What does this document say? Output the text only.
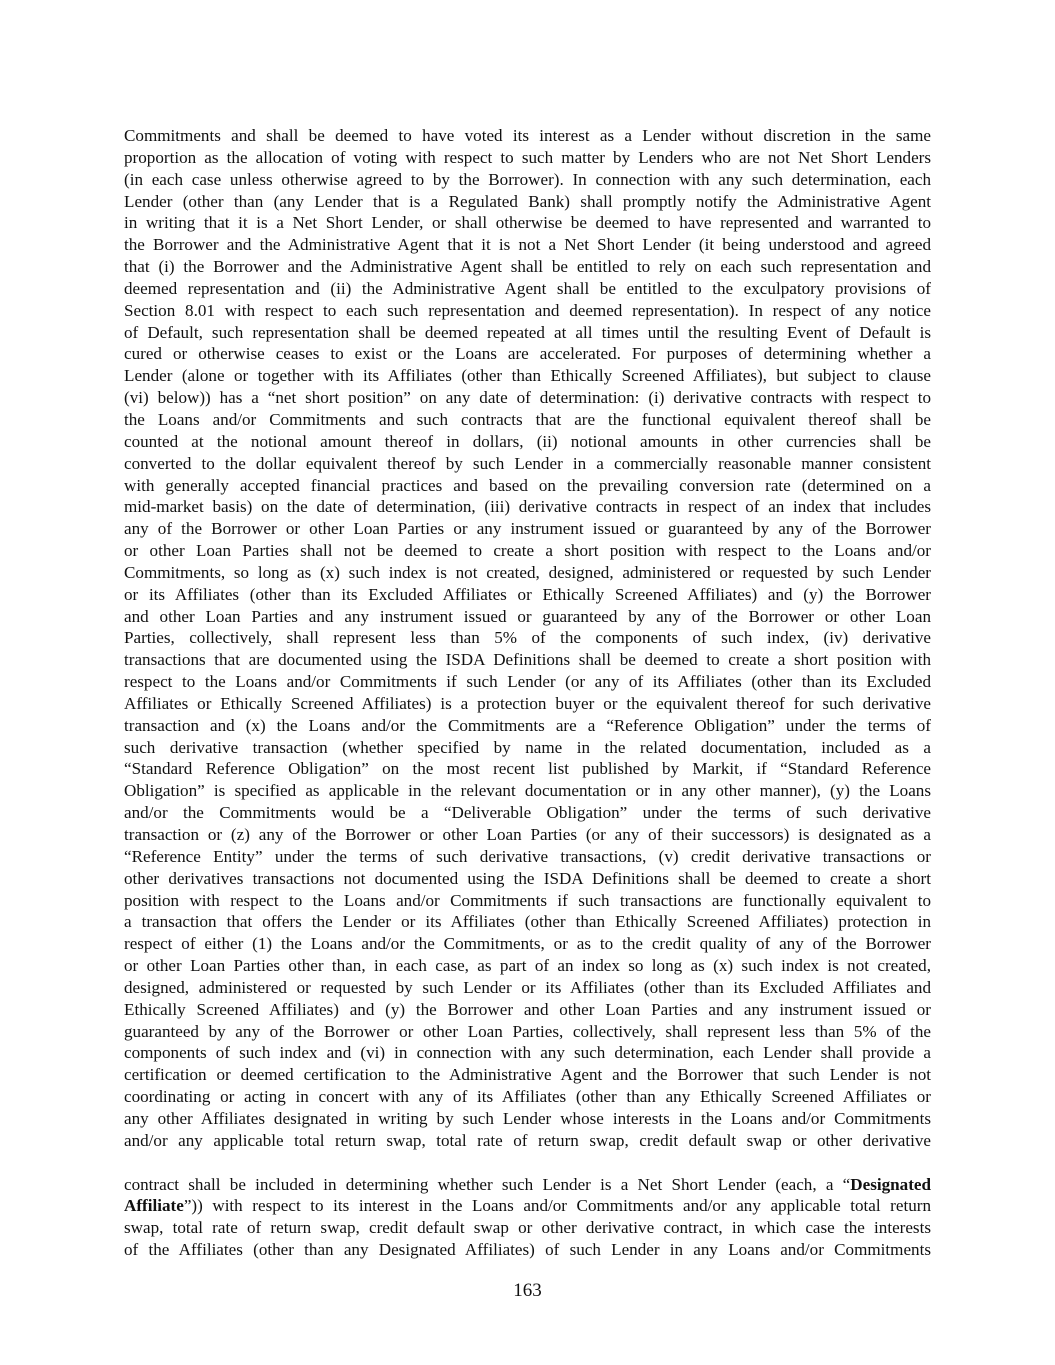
Commitments and shall be deemed to have voted its interest as a Lender without discretion in the same
proportion as the allocation of voting with respect to such matter by Lenders who are not Net Short Lenders
(in each case unless otherwise agreed to by the Borrower). In connection with any such determination, each
Lender (other than (any Lender that is a Regulated Bank) shall promptly notify the Administrative Agent
in writing that it is a Net Short Lender, or shall otherwise be deemed to have represented and warranted to
the Borrower and the Administrative Agent that it is not a Net Short Lender (it being understood and agreed
that (i) the Borrower and the Administrative Agent shall be entitled to rely on each such representation and
deemed representation and (ii) the Administrative Agent shall be entitled to the exculpatory provisions of
Section 8.01 with respect to each such representation and deemed representation). In respect of any notice
of Default, such representation shall be deemed repeated at all times until the resulting Event of Default is
cured or otherwise ceases to exist or the Loans are accelerated. For purposes of determining whether a
Lender (alone or together with its Affiliates (other than Ethically Screened Affiliates), but subject to clause
(vi) below)) has a “net short position” on any date of determination: (i) derivative contracts with respect to
the Loans and/or Commitments and such contracts that are the functional equivalent thereof shall be
counted at the notional amount thereof in dollars, (ii) notional amounts in other currencies shall be
converted to the dollar equivalent thereof by such Lender in a commercially reasonable manner consistent
with generally accepted financial practices and based on the prevailing conversion rate (determined on a
mid-market basis) on the date of determination, (iii) derivative contracts in respect of an index that includes
any of the Borrower or other Loan Parties or any instrument issued or guaranteed by any of the Borrower
or other Loan Parties shall not be deemed to create a short position with respect to the Loans and/or
Commitments, so long as (x) such index is not created, designed, administered or requested by such Lender
or its Affiliates (other than its Excluded Affiliates or Ethically Screened Affiliates) and (y) the Borrower
and other Loan Parties and any instrument issued or guaranteed by any of the Borrower or other Loan
Parties, collectively, shall represent less than 5% of the components of such index, (iv) derivative
transactions that are documented using the ISDA Definitions shall be deemed to create a short position with
respect to the Loans and/or Commitments if such Lender (or any of its Affiliates (other than its Excluded
Affiliates or Ethically Screened Affiliates) is a protection buyer or the equivalent thereof for such derivative
transaction and (x) the Loans and/or the Commitments are a “Reference Obligation” under the terms of
such derivative transaction (whether specified by name in the related documentation, included as a
“Standard Reference Obligation” on the most recent list published by Markit, if “Standard Reference
Obligation” is specified as applicable in the relevant documentation or in any other manner), (y) the Loans
and/or the Commitments would be a “Deliverable Obligation” under the terms of such derivative
transaction or (z) any of the Borrower or other Loan Parties (or any of their successors) is designated as a
“Reference Entity” under the terms of such derivative transactions, (v) credit derivative transactions or
other derivatives transactions not documented using the ISDA Definitions shall be deemed to create a short
position with respect to the Loans and/or Commitments if such transactions are functionally equivalent to
a transaction that offers the Lender or its Affiliates (other than Ethically Screened Affiliates) protection in
respect of either (1) the Loans and/or the Commitments, or as to the credit quality of any of the Borrower
or other Loan Parties other than, in each case, as part of an index so long as (x) such index is not created,
designed, administered or requested by such Lender or its Affiliates (other than its Excluded Affiliates and
Ethically Screened Affiliates) and (y) the Borrower and other Loan Parties and any instrument issued or
guaranteed by any of the Borrower or other Loan Parties, collectively, shall represent less than 5% of the
components of such index and (vi) in connection with any such determination, each Lender shall provide a
certification or deemed certification to the Administrative Agent and the Borrower that such Lender is not
coordinating or acting in concert with any of its Affiliates (other than any Ethically Screened Affiliates or
any other Affiliates designated in writing by such Lender whose interests in the Loans and/or Commitments
and/or any applicable total return swap, total rate of return swap, credit default swap or other derivative
contract shall be included in determining whether such Lender is a Net Short Lender (each, a “Designated
Affiliate”)) with respect to its interest in the Loans and/or Commitments and/or any applicable total return
swap, total rate of return swap, credit default swap or other derivative contract, in which case the interests
of the Affiliates (other than any Designated Affiliates) of such Lender in any Loans and/or Commitments
163
